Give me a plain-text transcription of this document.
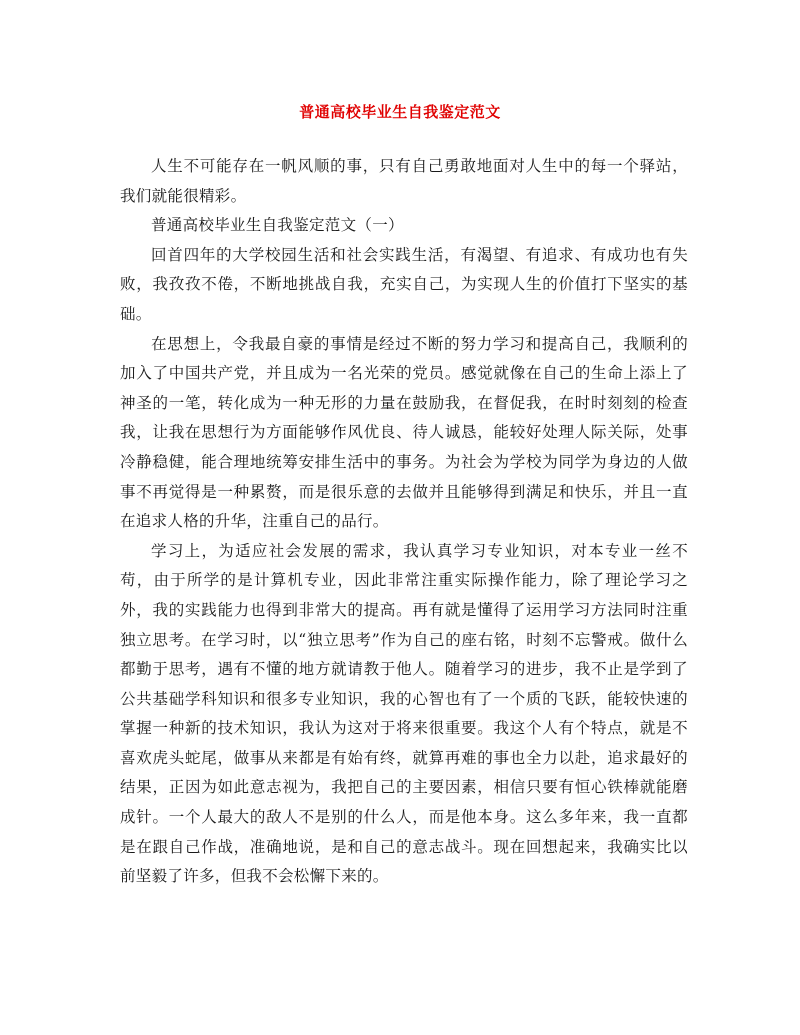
普通高校毕业生自我鉴定范文

人生不可能存在一帆风顺的事，只有自己勇敢地面对人生中的每一个驿站，我们就能很精彩。

普通高校毕业生自我鉴定范文（一）

回首四年的大学校园生活和社会实践生活，有渴望、有追求、有成功也有失败，我孜孜不倦，不断地挑战自我，充实自己，为实现人生的价值打下坚实的基础。

在思想上，令我最自豪的事情是经过不断的努力学习和提高自己，我顺利的加入了中国共产党，并且成为一名光荣的党员。感觉就像在自己的生命上添上了神圣的一笔，转化成为一种无形的力量在鼓励我，在督促我，在时时刻刻的检查我，让我在思想行为方面能够作风优良、待人诚恳，能较好处理人际关际，处事冷静稳健，能合理地统筹安排生活中的事务。为社会为学校为同学为身边的人做事不再觉得是一种累赘，而是很乐意的去做并且能够得到满足和快乐，并且一直在追求人格的升华，注重自己的品行。

学习上，为适应社会发展的需求，我认真学习专业知识，对本专业一丝不苟，由于所学的是计算机专业，因此非常注重实际操作能力，除了理论学习之外，我的实践能力也得到非常大的提高。再有就是懂得了运用学习方法同时注重独立思考。在学习时，以“独立思考”作为自己的座右铭，时刻不忘警戒。做什么都勤于思考，遇有不懂的地方就请教于他人。随着学习的进步，我不止是学到了公共基础学科知识和很多专业知识，我的心智也有了一个质的飞跃，能较快速的掌握一种新的技术知识，我认为这对于将来很重要。我这个人有个特点，就是不喜欢虎头蛇尾，做事从来都是有始有终，就算再难的事也全力以赴，追求最好的结果，正因为如此意志视为，我把自己的主要因素，相信只要有恒心铁棒就能磨成针。一个人最大的敌人不是别的什么人，而是他本身。这么多年来，我一直都是在跟自己作战，准确地说，是和自己的意志战斗。现在回想起来，我确实比以前坚毅了许多，但我不会松懈下来的。
